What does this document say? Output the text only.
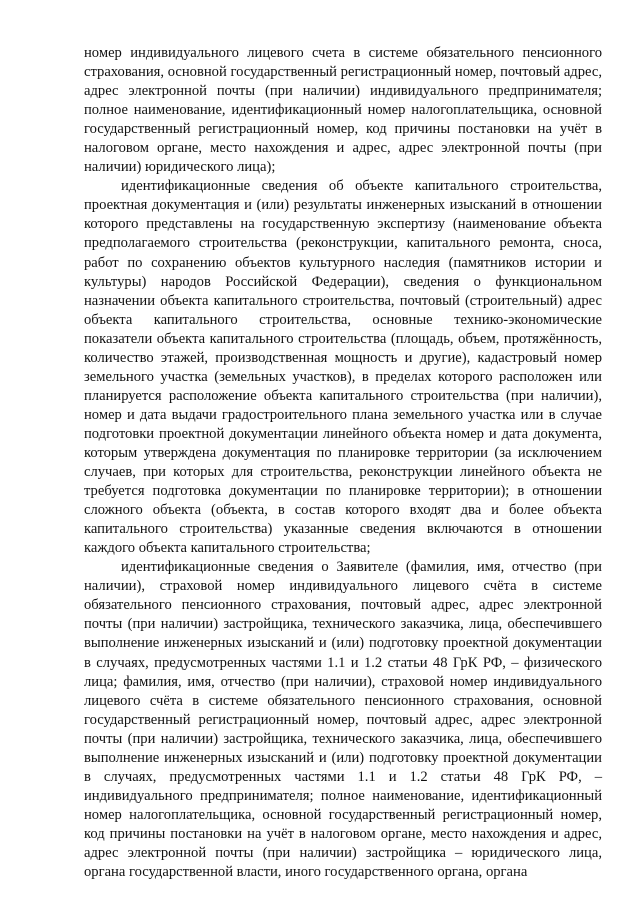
номер индивидуального лицевого счета в системе обязательного пенсионного страхования, основной государственный регистрационный номер, почтовый адрес, адрес электронной почты (при наличии) индивидуального предпринимателя; полное наименование, идентификационный номер налогоплательщика, основной государственный регистрационный номер, код причины постановки на учёт в налоговом органе, место нахождения и адрес, адрес электронной почты (при наличии) юридического лица);

идентификационные сведения об объекте капитального строительства, проектная документация и (или) результаты инженерных изысканий в отношении которого представлены на государственную экспертизу (наименование объекта предполагаемого строительства (реконструкции, капитального ремонта, сноса, работ по сохранению объектов культурного наследия (памятников истории и культуры) народов Российской Федерации), сведения о функциональном назначении объекта капитального строительства, почтовый (строительный) адрес объекта капитального строительства, основные технико-экономические показатели объекта капитального строительства (площадь, объем, протяжённость, количество этажей, производственная мощность и другие), кадастровый номер земельного участка (земельных участков), в пределах которого расположен или планируется расположение объекта капитального строительства (при наличии), номер и дата выдачи градостроительного плана земельного участка или в случае подготовки проектной документации линейного объекта номер и дата документа, которым утверждена документация по планировке территории (за исключением случаев, при которых для строительства, реконструкции линейного объекта не требуется подготовка документации по планировке территории); в отношении сложного объекта (объекта, в состав которого входят два и более объекта капитального строительства) указанные сведения включаются в отношении каждого объекта капитального строительства;

идентификационные сведения о Заявителе (фамилия, имя, отчество (при наличии), страховой номер индивидуального лицевого счёта в системе обязательного пенсионного страхования, почтовый адрес, адрес электронной почты (при наличии) застройщика, технического заказчика, лица, обеспечившего выполнение инженерных изысканий и (или) подготовку проектной документации в случаях, предусмотренных частями 1.1 и 1.2 статьи 48 ГрК РФ, – физического лица; фамилия, имя, отчество (при наличии), страховой номер индивидуального лицевого счёта в системе обязательного пенсионного страхования, основной государственный регистрационный номер, почтовый адрес, адрес электронной почты (при наличии) застройщика, технического заказчика, лица, обеспечившего выполнение инженерных изысканий и (или) подготовку проектной документации в случаях, предусмотренных частями 1.1 и 1.2 статьи 48 ГрК РФ, – индивидуального предпринимателя; полное наименование, идентификационный номер налогоплательщика, основной государственный регистрационный номер, код причины постановки на учёт в налоговом органе, место нахождения и адрес, адрес электронной почты (при наличии) застройщика – юридического лица, органа государственной власти, иного государственного органа, органа
